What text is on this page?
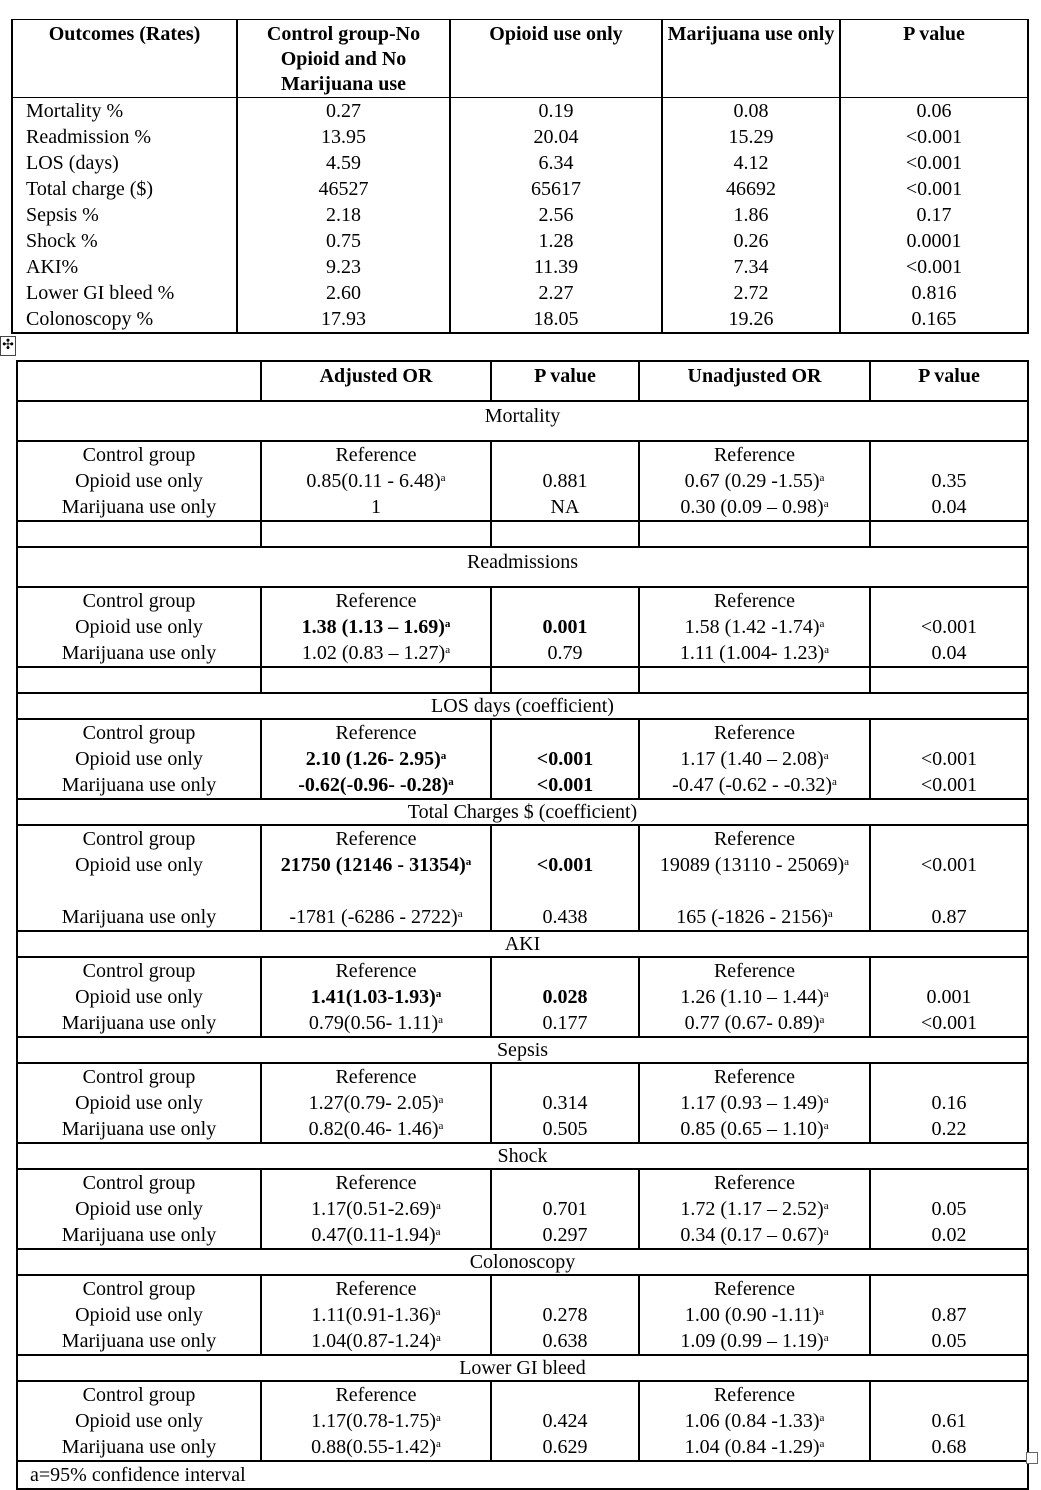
✣
Outcomes (Rates)	Control group-No Opioid and No Marijuana use	Opioid use only	Marijuana use only	P value
Mortality %	0.27	0.19	0.08	0.06
Readmission %	13.95	20.04	15.29	<0.001
LOS (days)	4.59	6.34	4.12	<0.001
Total charge ($)	46527	65617	46692	<0.001
Sepsis %	2.18	2.56	1.86	0.17
Shock %	0.75	1.28	0.26	0.0001
AKI%	9.23	11.39	7.34	<0.001
Lower GI bleed %	2.60	2.27	2.72	0.816
Colonoscopy %	17.93	18.05	19.26	0.165
	Adjusted OR	P value	Unadjusted OR	P value
Mortality				
Control group	Reference		Reference	
Opioid use only	0.85(0.11 - 6.48)$^a$	0.881	0.67 (0.29 -1.55)$^a$	0.35
Marijuana use only	1	NA	0.30 (0.09 – 0.98)$^a$	0.04

Readmissions				
Control group	Reference		Reference	
Opioid use only	1.38 (1.13 – 1.69)$^a$	0.001	1.58 (1.42 -1.74)$^a$	<0.001
Marijuana use only	1.02 (0.83 – 1.27)$^a$	0.79	1.11 (1.004- 1.23)$^a$	0.04

LOS days (coefficient)				
Control group	Reference		Reference	
Opioid use only	2.10 (1.26- 2.95)$^a$	<0.001	1.17 (1.40 – 2.08)$^a$	<0.001
Marijuana use only	-0.62(-0.96- -0.28)$^a$	<0.001	-0.47 (-0.62 - -0.32)$^a$	<0.001
Total Charges $ (coefficient)				
Control group	Reference		Reference	
Opioid use only	21750 (12146 - 31354)$^a$	<0.001	19089 (13110 - 25069)$^a$	<0.001
Marijuana use only	-1781 (-6286 - 2722)$^a$	0.438	165 (-1826 - 2156)$^a$	0.87
AKI				
Control group	Reference		Reference	
Opioid use only	$1.41(1.03-1.93)^a$	0.028	1.26 (1.10 – 1.44)$^a$	0.001
Marijuana use only	0.79(0.56- 1.11)$^a$	0.177	0.77 (0.67- 0.89)$^a$	<0.001
Sepsis				
Control group	Reference		Reference	
Opioid use only	1.27(0.79- 2.05)$^a$	0.314	1.17 (0.93 – 1.49)$^a$	0.16
Marijuana use only	0.82(0.46- 1.46)$^a$	0.505	0.85 (0.65 – 1.10)$^a$	0.22
Shock				
Control group	Reference		Reference	
Opioid use only	$1.17(0.51-2.69)^a$	0.701	1.72 (1.17 – 2.52)$^a$	0.05
Marijuana use only	$0.47(0.11-1.94)^a$	0.297	0.34 (0.17 – 0.67)$^a$	0.02
Colonoscopy				
Control group	Reference		Reference	
Opioid use only	$1.11(0.91-1.36)^a$	0.278	1.00 (0.90 -1.11)$^a$	0.87
Marijuana use only	$1.04(0.87-1.24)^a$	0.638	1.09 (0.99 – 1.19)$^a$	0.05
Lower GI bleed				
Control group	Reference		Reference	
Opioid use only	$1.17(0.78-1.75)^a$	0.424	1.06 (0.84 -1.33)$^a$	0.61
Marijuana use only	$0.88(0.55-1.42)^a$	0.629	1.04 (0.84 -1.29)$^a$	0.68
a=95% confidence interval				
